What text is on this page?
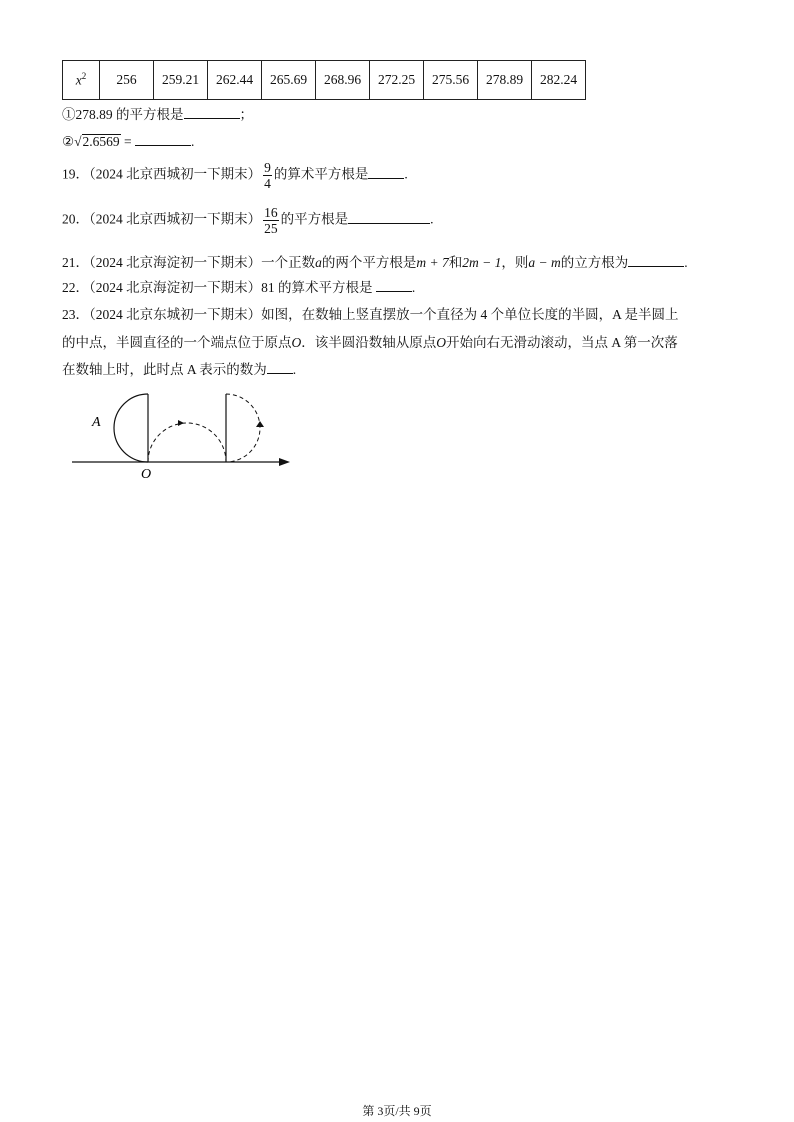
$x^2$	256	259.21	262.44	265.69	268.96	272.25	275.56	278.89	282.24
①278.89 的平方根是	；
②√2.6569 =	.
19．（2024 北京西城初一下期末） $\frac{9}{4}$ 的算术平方根是	.
20．（2024 北京西城初一下期末） $\frac{16}{25}$ 的平方根是	.
21．（2024 北京海淀初一下期末）一个正数a的两个平方根是m + 7和2m − 1，则a − m的立方根为	.
22．（2024 北京海淀初一下期末）81 的算术平方根是	.
23．（2024 北京东城初一下期末）如图，在数轴上竖直摆放一个直径为 4 个单位长度的半圆，A 是半圆上
的中点，半圆直径的一个端点位于原点O．该半圆沿数轴从原点O开始向右无滑动滚动，当点 A 第一次落
在数轴上时，此时点 A 表示的数为 .
A
O
第 3页/共 9页
